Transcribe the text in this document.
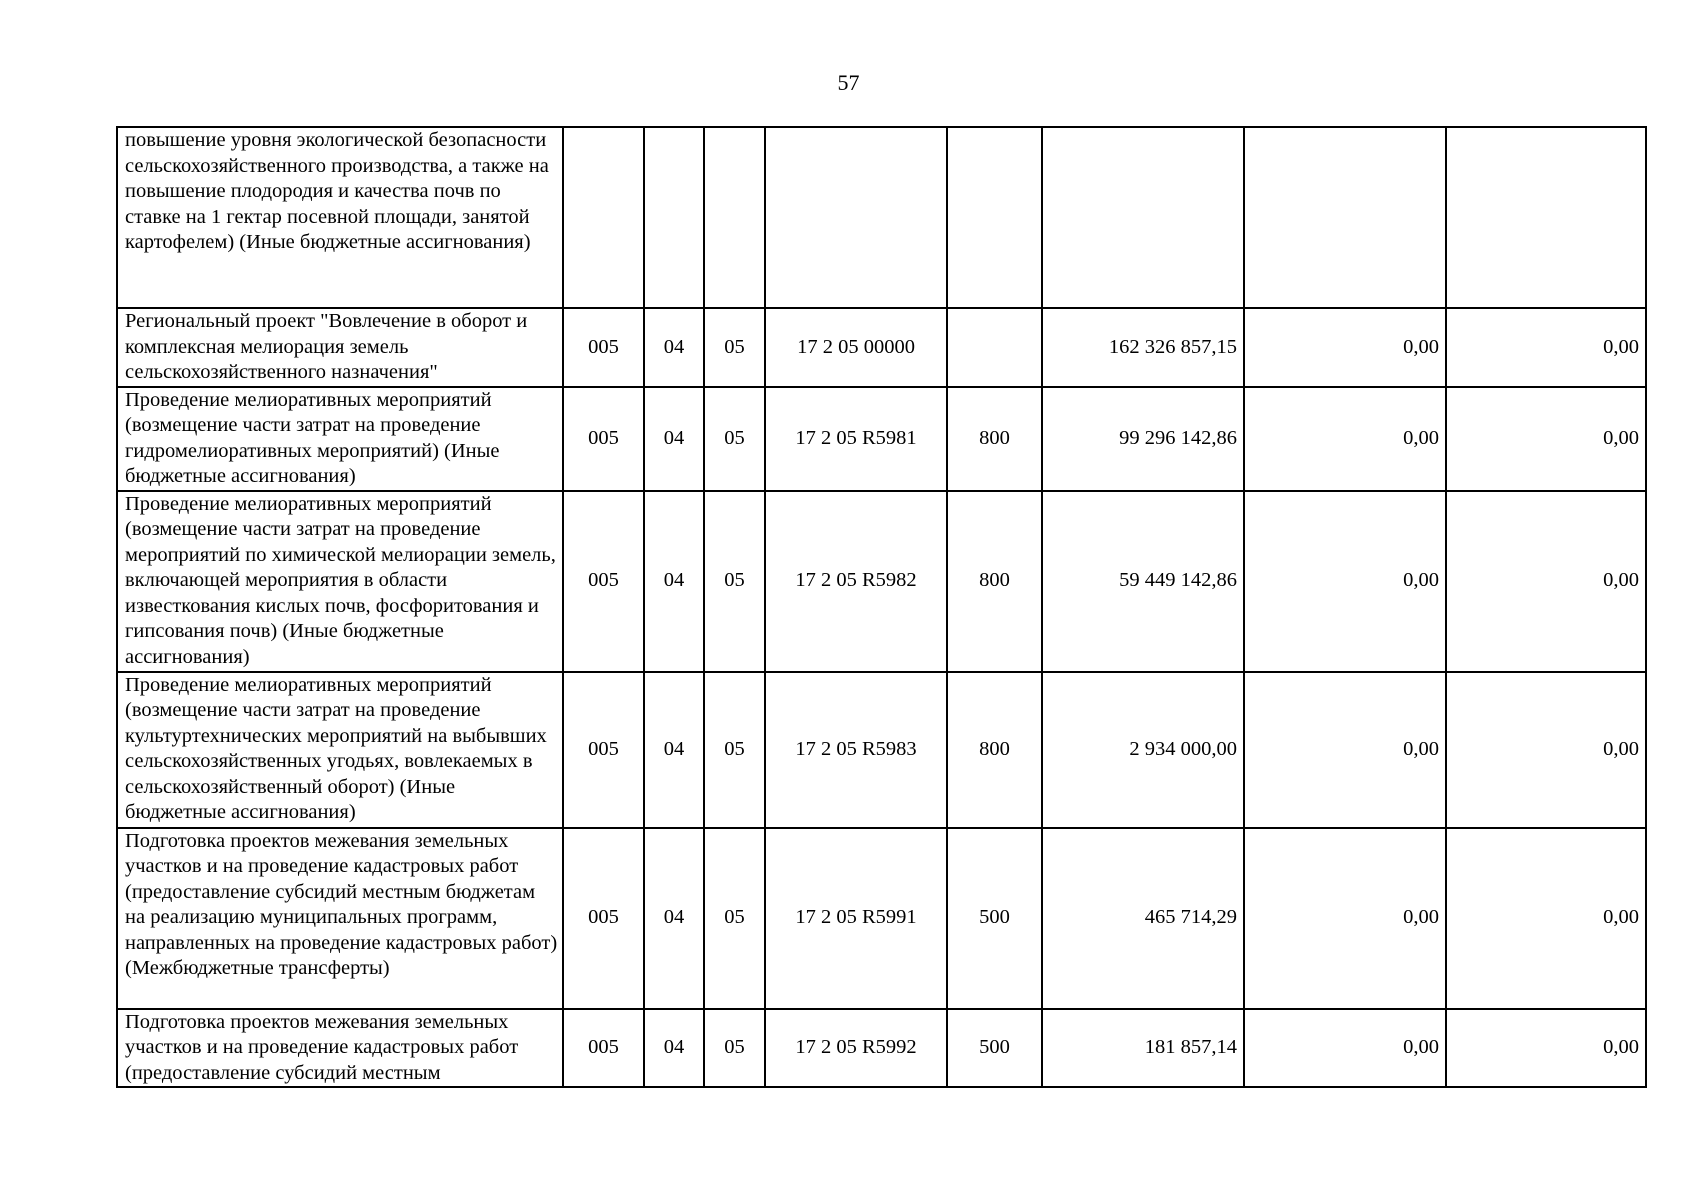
57
повышение уровня экологической безопасности сельскохозяйственного производства, а также на повышение плодородия и качества почв по ставке на 1 гектар посевной площади, занятой картофелем) (Иные бюджетные ассигнования)								
Региональный проект "Вовлечение в оборот и комплексная мелиорация земель сельскохозяйственного назначения"	005	04	05	17 2 05 00000		162 326 857,15	0,00	0,00
Проведение мелиоративных мероприятий (возмещение части затрат на проведение гидромелиоративных мероприятий) (Иные бюджетные ассигнования)	005	04	05	17 2 05 R5981	800	99 296 142,86	0,00	0,00
Проведение мелиоративных мероприятий (возмещение части затрат на проведение мероприятий по химической мелиорации земель, включающей мероприятия в области известкования кислых почв, фосфоритования и гипсования почв) (Иные бюджетные ассигнования)	005	04	05	17 2 05 R5982	800	59 449 142,86	0,00	0,00
Проведение мелиоративных мероприятий (возмещение части затрат на проведение культуртехнических мероприятий на выбывших сельскохозяйственных угодьях, вовлекаемых в сельскохозяйственный оборот) (Иные бюджетные ассигнования)	005	04	05	17 2 05 R5983	800	2 934 000,00	0,00	0,00
Подготовка проектов межевания земельных участков и на проведение кадастровых работ (предоставление субсидий местным бюджетам на реализацию муниципальных программ, направленных на проведение кадастровых работ) (Межбюджетные трансферты)	005	04	05	17 2 05 R5991	500	465 714,29	0,00	0,00
Подготовка проектов межевания земельных участков и на проведение кадастровых работ (предоставление субсидий местным	005	04	05	17 2 05 R5992	500	181 857,14	0,00	0,00
